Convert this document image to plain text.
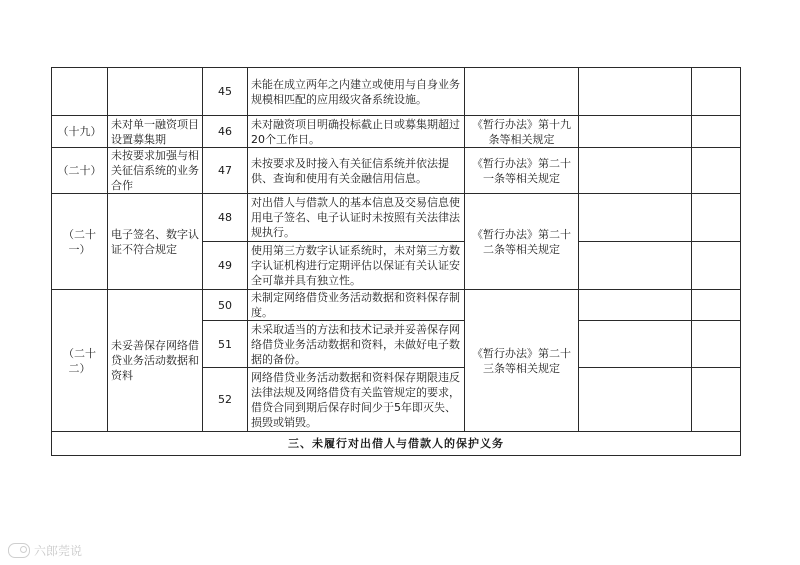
		45	未能在成立两年之内建立或使用与自身业务规模相匹配的应用级灾备系统设施。			
（十九）	未对单一融资项目设置募集期	46	未对融资项目明确投标截止日或募集期超过20个工作日。	《暂行办法》第十九条等相关规定		
（二十）	未按要求加强与相关征信系统的业务合作	47	未按要求及时接入有关征信系统并依法提供、查询和使用有关金融信用信息。	《暂行办法》第二十一条等相关规定		
（二十一）	电子签名、数字认证不符合规定	48	对出借人与借款人的基本信息及交易信息使用电子签名、电子认证时未按照有关法律法规执行。	《暂行办法》第二十二条等相关规定		
		49	使用第三方数字认证系统时，未对第三方数字认证机构进行定期评估以保证有关认证安全可靠并具有独立性。			
（二十二）	未妥善保存网络借贷业务活动数据和资料	50	未制定网络借贷业务活动数据和资料保存制度。	《暂行办法》第二十三条等相关规定		
		51	未采取适当的方法和技术记录并妥善保存网络借贷业务活动数据和资料，未做好电子数据的备份。			
		52	网络借贷业务活动数据和资料保存期限违反法律法规及网络借贷有关监管规定的要求，借贷合同到期后保存时间少于5年即灭失、损毁或销毁。			
三、未履行对出借人与借款人的保护义务						
六郎莞说
